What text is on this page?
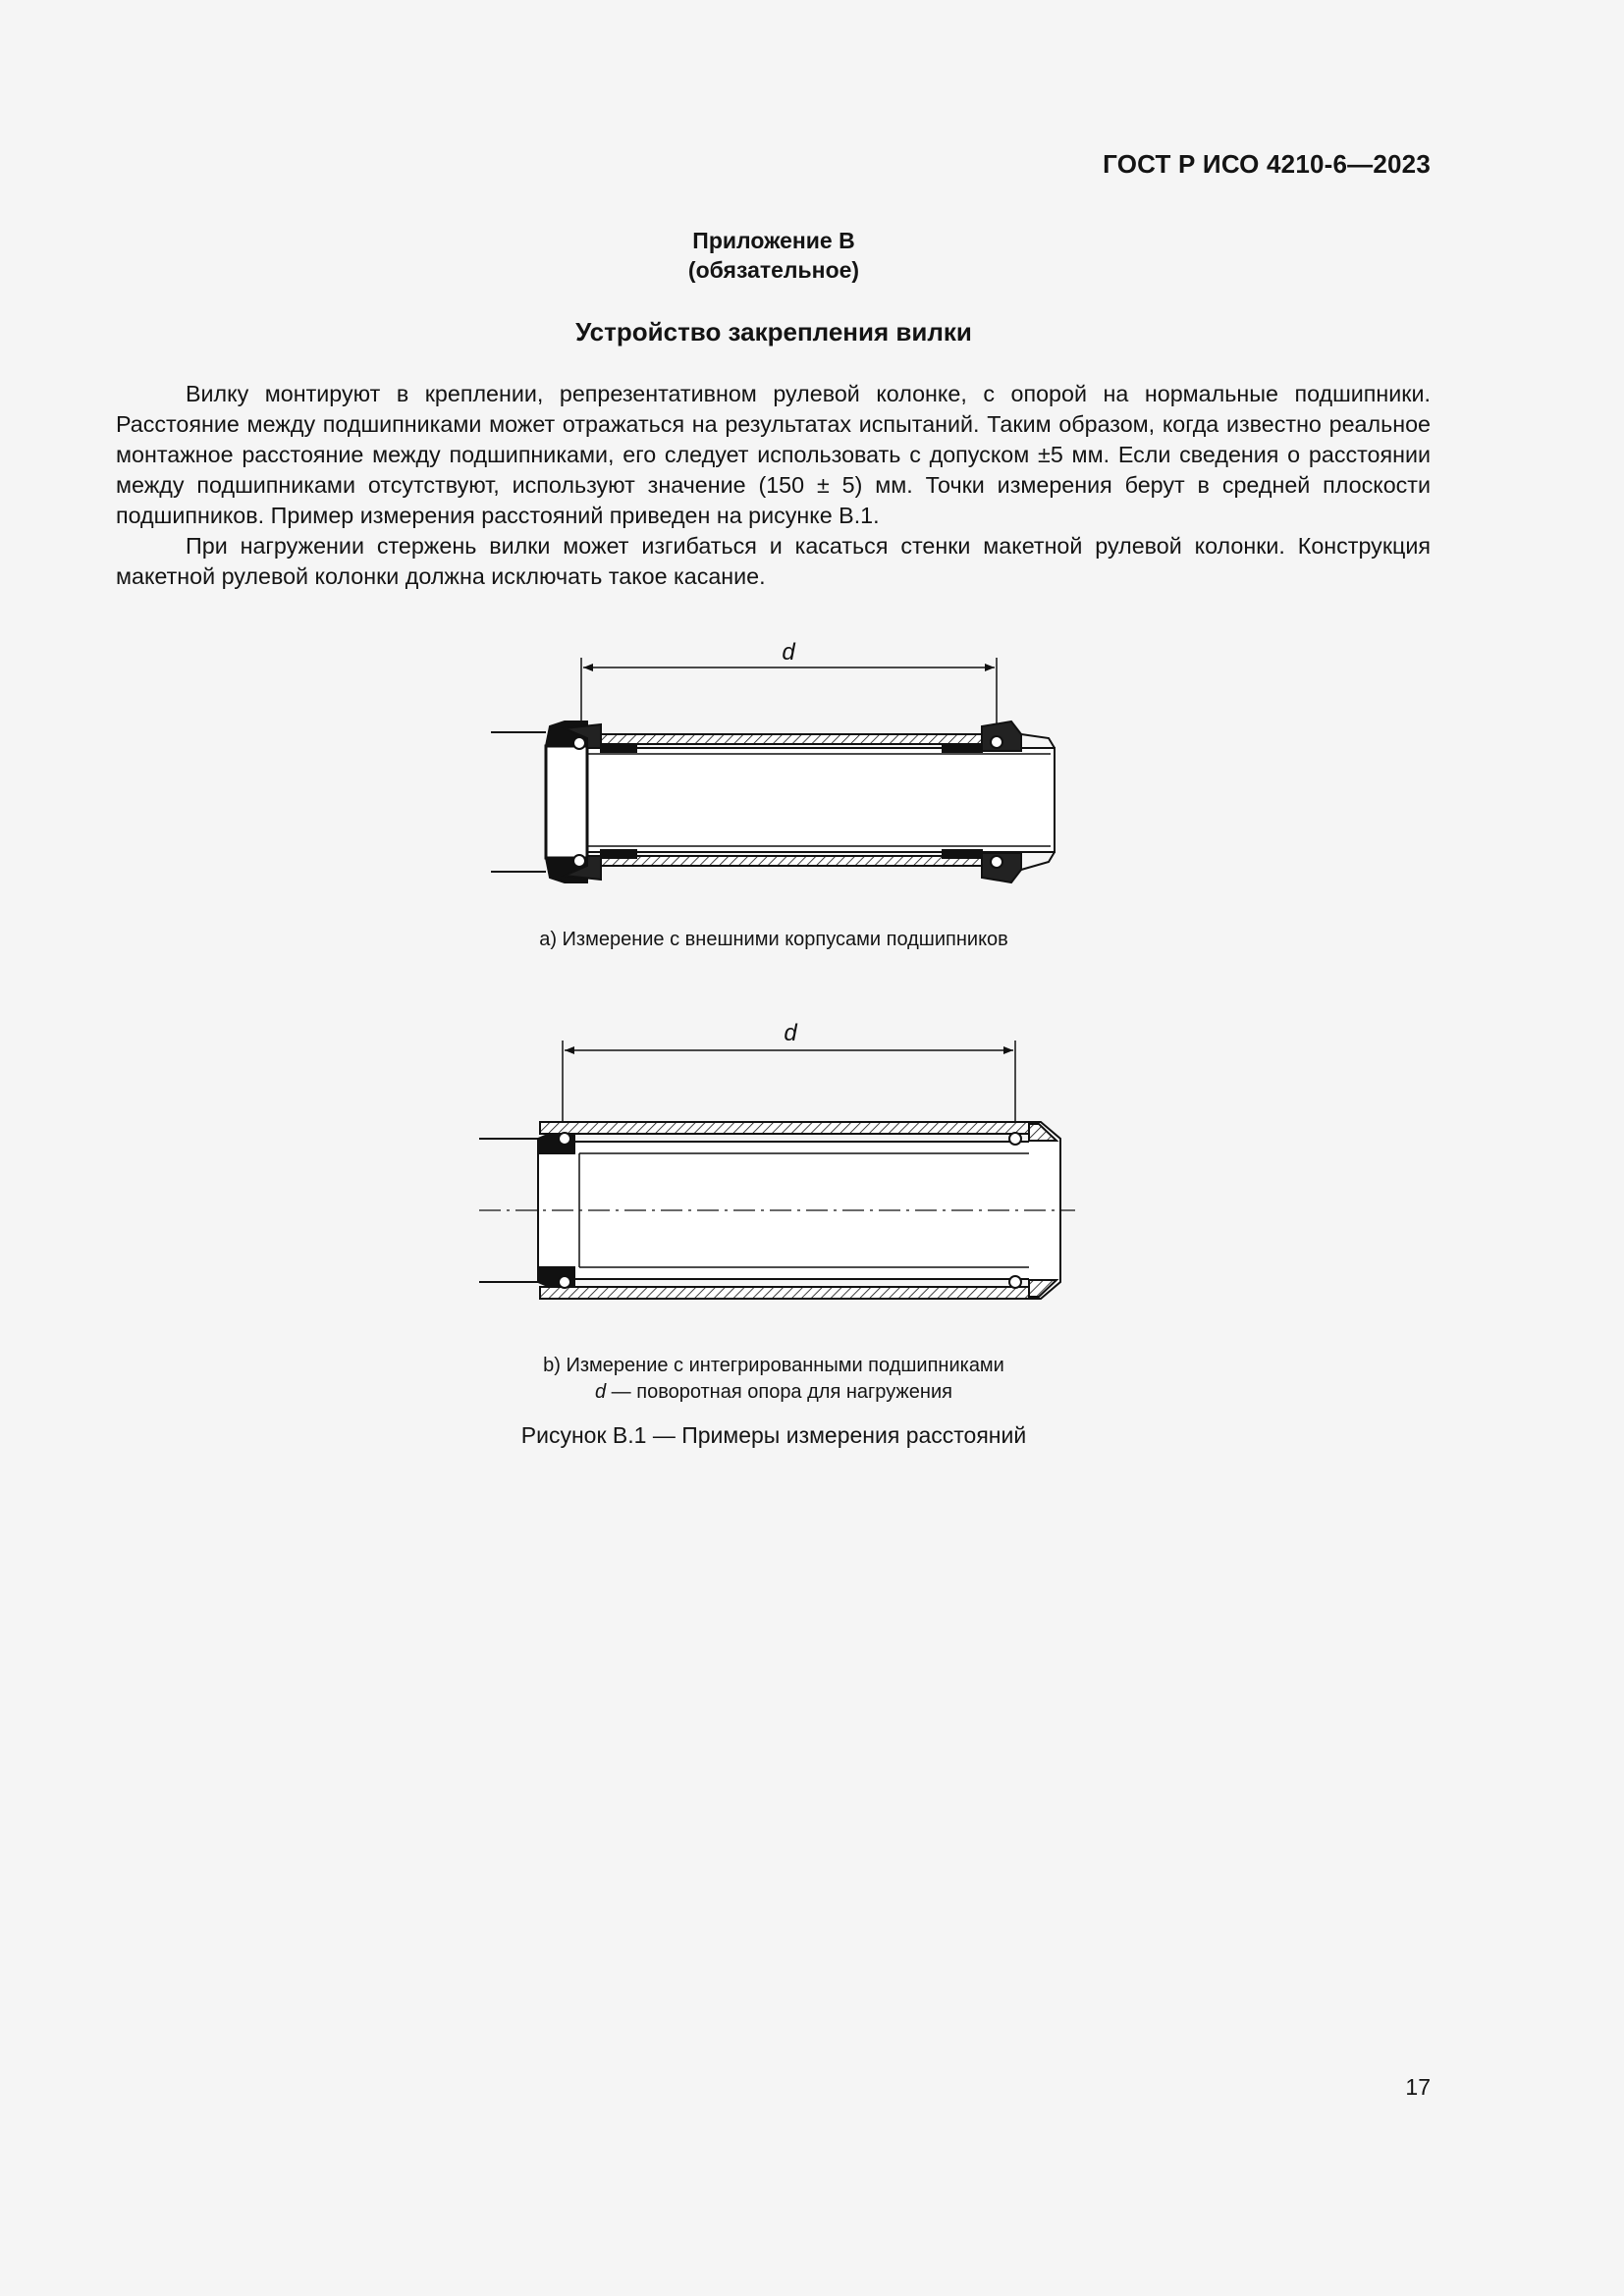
ГОСТ Р ИСО 4210-6—2023
Приложение B
(обязательное)
Устройство закрепления вилки

Вилку монтируют в креплении, репрезентативном рулевой колонке, с опорой на нормальные подшипники. Расстояние между подшипниками может отражаться на результатах испытаний. Таким образом, когда известно реальное монтажное расстояние между подшипниками, его следует использовать с допуском ±5 мм. Если сведения о расстоянии между подшипниками отсутствуют, используют значение (150 ± 5) мм. Точки измерения берут в средней плоскости подшипников. Пример измерения расстояний приведен на рисунке B.1.

При нагружении стержень вилки может изгибаться и касаться стенки макетной рулевой колонки. Конструкция макетной рулевой колонки должна исключать такое касание.

d
d
a) Измерение с внешними корпусами подшипников
b) Измерение с интегрированными подшипниками
d — поворотная опора для нагружения
Рисунок B.1 — Примеры измерения расстояний
17
